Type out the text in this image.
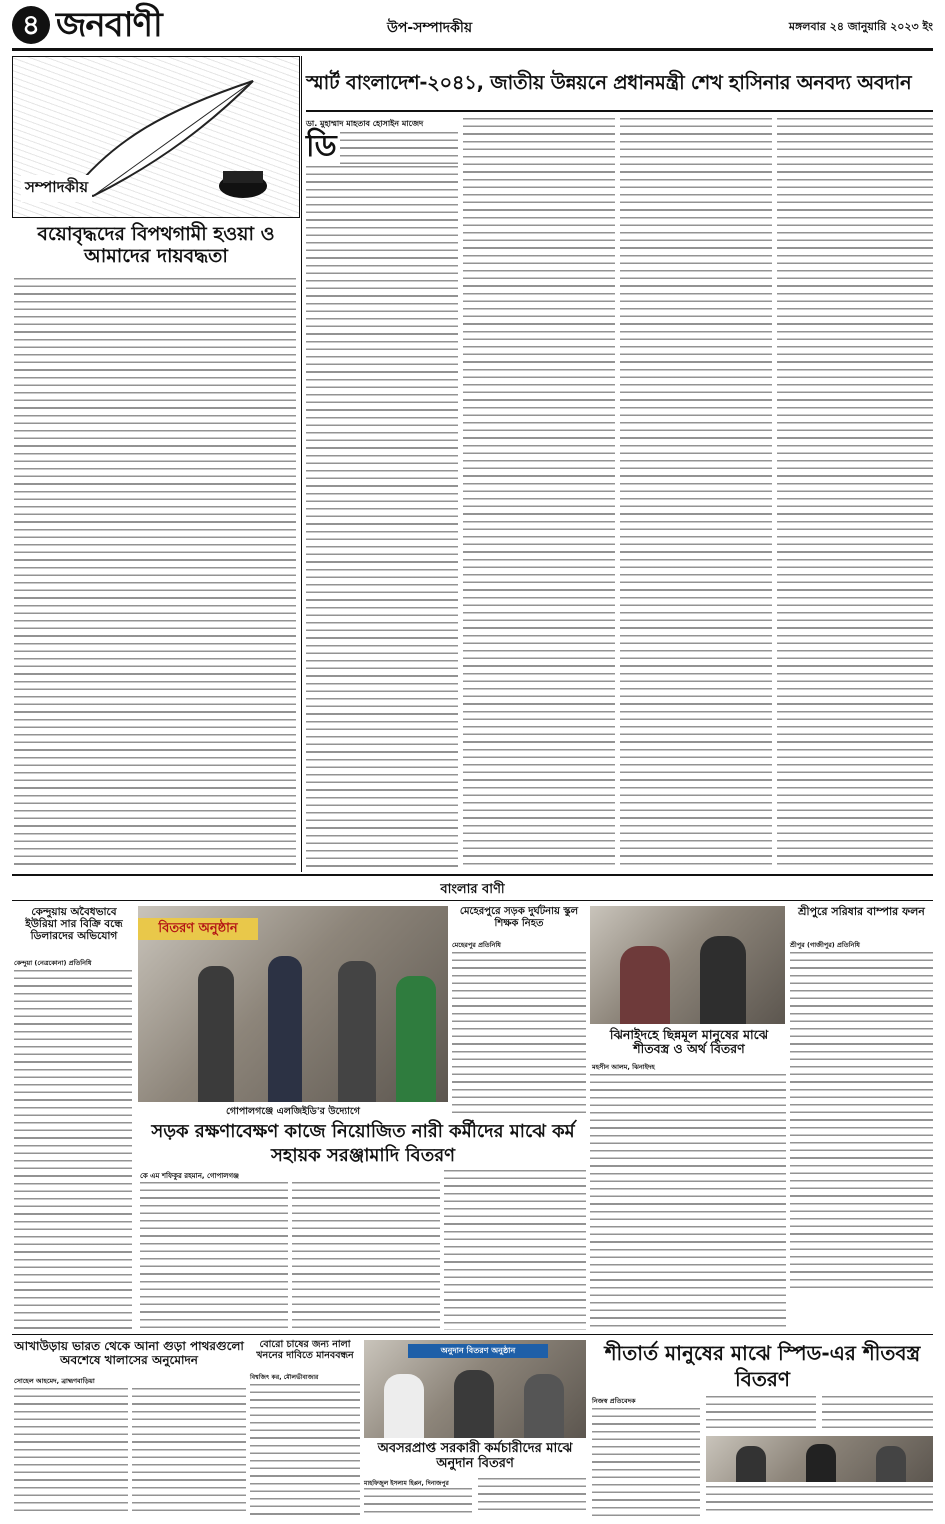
৪ জনবাণী	উপ-সম্পাদকীয়	মঙ্গলবার ২৪ জানুয়ারি ২০২৩ ইং
সম্পাদকীয়
বয়োবৃদ্ধদের বিপথগামী হওয়া ও আমাদের দায়বদ্ধতা
স্মার্ট বাংলাদেশ-২০৪১, জাতীয় উন্নয়নে প্রধানমন্ত্রী শেখ হাসিনার অনবদ্য অবদান
ডা. মুহাম্মাদ মাহতাব হোসাইন মাজেদ
ডি
বাংলার বাণী
কেন্দুয়ায় অবৈধভাবে ইউরিয়া সার বিক্রি বন্ধে ডিলারদের অভিযোগ
কেন্দুয়া (নেত্রকোনা) প্রতিনিধি
বিতরণ অনুষ্ঠান
গোপালগঞ্জে এলজিইডি'র উদ্যোগে
সড়ক রক্ষণাবেক্ষণ কাজে নিয়োজিত নারী কর্মীদের মাঝে কর্ম সহায়ক সরঞ্জামাদি বিতরণ
কে এম শফিকুর রহমান, গোপালগঞ্জ
মেহেরপুরে সড়ক দুর্ঘটনায় স্কুল শিক্ষক নিহত
মেহেরপুর প্রতিনিধি
ঝিনাইদহে ছিন্নমূল মানুষের মাঝে শীতবস্ত্র ও অর্থ বিতরণ
মহসীন আলম, ঝিনাইদহ
শ্রীপুরে সরিষার বাম্পার ফলন
শ্রীপুর (গাজীপুর) প্রতিনিধি
আখাউড়ায় ভারত থেকে আনা গুড়া পাথরগুলো অবশেষে খালাসের অনুমোদন
সোহেল আহমেদ, ব্রাহ্মণবাড়িয়া
বোরো চাষের জন্য নালা খননের দাবিতে মানববন্ধন
বিশ্বজিৎ কর, মৌলভীবাজার
অনুদান বিতরণ অনুষ্ঠান
অবসরপ্রাপ্ত সরকারী কর্মচারীদের মাঝে অনুদান বিতরণ
মাহফিজুল ইসলাম হিপ্পন, দিনাজপুর
শীতার্ত মানুষের মাঝে স্পিড-এর শীতবস্ত্র বিতরণ
নিজস্ব প্রতিবেদক
